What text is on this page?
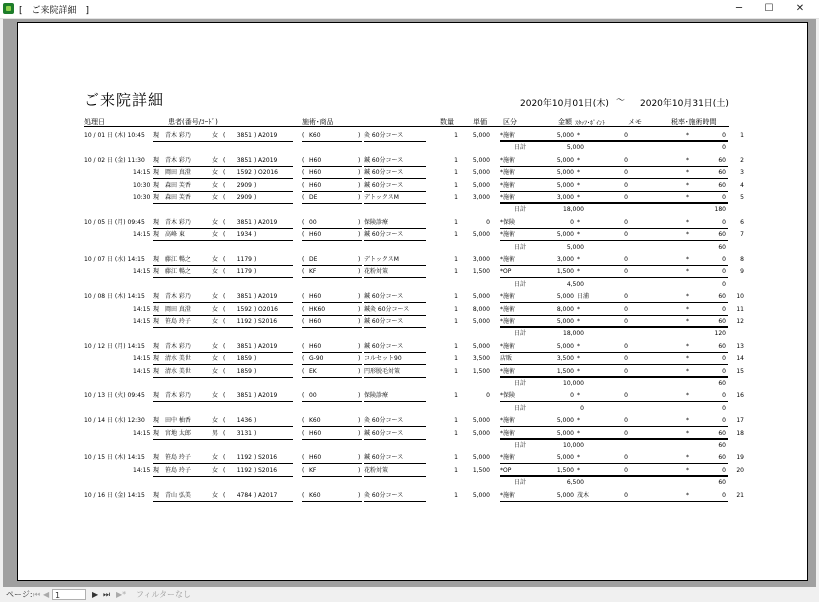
[　ご来院詳細　]	─	☐	✕
ご来院詳細	2020年10月01日(木) ～ 2020年10月31日(土)
処理日	患者(番号/ｺｰﾄﾞ)	施術･商品	数量	単価 区分	金額 ｽﾀｯﾌ･ﾎﾟｲﾝﾄ	メモ	税率･施術時間
10 / 01 日 (木) 10:45 現 青木 彩乃	女 (	3851 ) A2019	( K60	) 灸 60分コース	1	5,000 *施術	5,000 *	0	*	0	1
日計	5,000	0
10 / 02 日 (金) 11:30 現 青木 彩乃	女 (	3851 ) A2019	( H60	) 鍼 60分コース	1	5,000 *施術	5,000 *	0	*	60	2
14:15 現 岡田 真澄	女 (	1592 ) O2016	( H60	) 鍼 60分コース	1	5,000 *施術	5,000 *	0	*	60	3
10:30 現 森田 芙香	女 (	2909 )	( H60	) 鍼 60分コース	1	5,000 *施術	5,000 *	0	*	60	4
10:30 現 森田 芙香	女 (	2909 )	( DE	) デトックスM	1	3,000 *施術	3,000 *	0	*	0	5
日計	18,000	180
10 / 05 日 (月) 09:45 現 青木 彩乃	女 (	3851 ) A2019	( 00	) 保険診療	1	0 *保険	0 *	0	*	0	6
14:15 現 高峰 東	女 (	1934 )	( H60	) 鍼 60分コース	1	5,000 *施術	5,000 *	0	*	60	7
日計	5,000	60
10 / 07 日 (水) 14:15 現 藤江 暢之	女 (	1179 )	( DE	) デトックスM	1	3,000 *施術	3,000 *	0	*	0	8
14:15 現 藤江 暢之	女 (	1179 )	( KF	) 花粉対策	1	1,500 *OP	1,500 *	0	*	0	9
日計	4,500	0
10 / 08 日 (木) 14:15 現 青木 彩乃	女 (	3851 ) A2019	( H60	) 鍼 60分コース	1	5,000 *施術	5,000 日浦	0	*	60	10
14:15 現 岡田 真澄	女 (	1592 ) O2016	( HK60	) 鍼灸 60分コース	1	8,000 *施術	8,000 *	0	*	0	11
14:15 現 笹島 玲子	女 (	1192 ) S2016	( H60	) 鍼 60分コース	1	5,000 *施術	5,000 *	0	*	60	12
日計	18,000	120
10 / 12 日 (月) 14:15 現 青木 彩乃	女 (	3851 ) A2019	( H60	) 鍼 60分コース	1	5,000 *施術	5,000 *	0	*	60	13
14:15 現 清水 美世	女 (	1859 )	( G-90	) コルセット90	1	3,500 店販	3,500 *	0	*	0	14
14:15 現 清水 美世	女 (	1859 )	( EK	) 円形脱毛対策	1	1,500 *施術	1,500 *	0	*	0	15
日計	10,000	60
10 / 13 日 (火) 09:45 現 青木 彩乃	女 (	3851 ) A2019	( 00	) 保険診療	1	0 *保険	0 *	0	*	0	16
日計	0	0
10 / 14 日 (水) 12:30 現 田中 柚香	女 (	1436 )	( K60	) 灸 60分コース	1	5,000 *施術	5,000 *	0	*	0	17
14:15 現 宮地 太郎	男 (	3131 )	( H60	) 鍼 60分コース	1	5,000 *施術	5,000 *	0	*	60	18
日計	10,000	60
10 / 15 日 (木) 14:15 現 笹島 玲子	女 (	1192 ) S2016	( H60	) 鍼 60分コース	1	5,000 *施術	5,000 *	0	*	60	19
14:15 現 笹島 玲子	女 (	1192 ) S2016	( KF	) 花粉対策	1	1,500 *OP	1,500 *	0	*	0	20
日計	6,500	60
10 / 16 日 (金) 14:15 現 青山 弘美	女 (	4784 ) A2017	( K60	) 灸 60分コース	1	5,000 *施術	5,000 茂木	0	*	0	21
ページ: ⏮ ◀ 1	▶ ⏭ ▶* フィルターなし
